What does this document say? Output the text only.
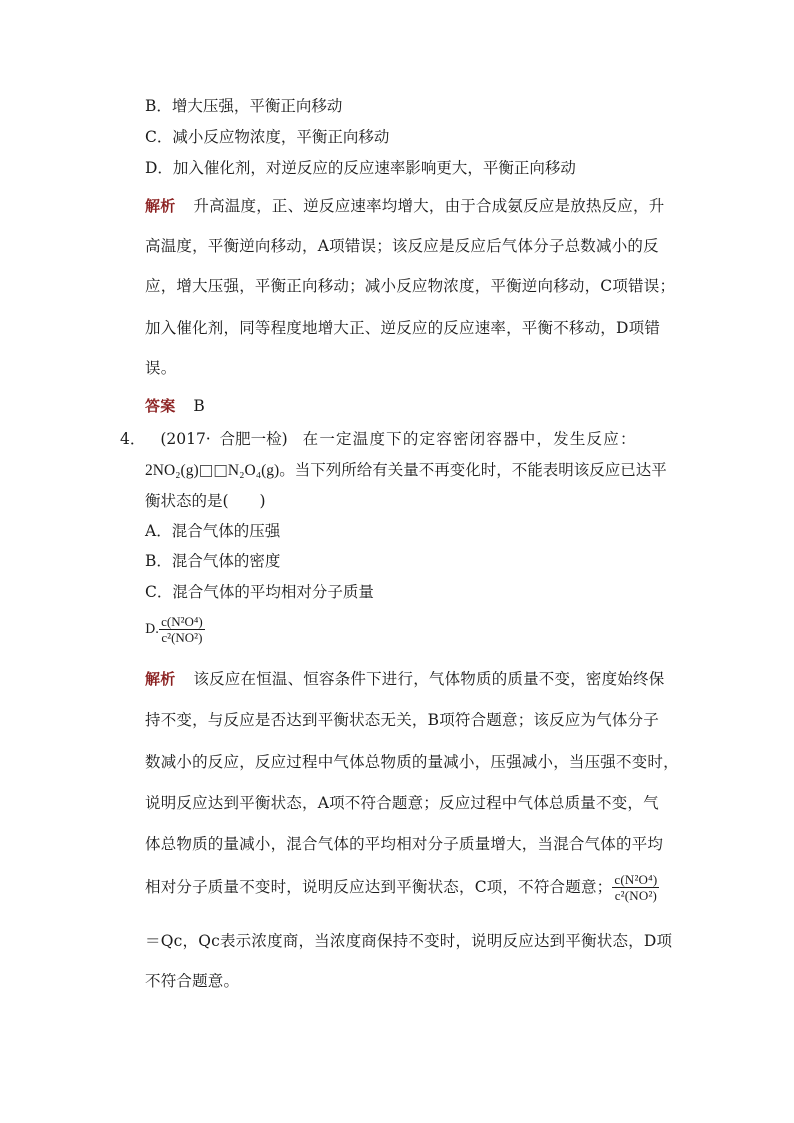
B．增大压强，平衡正向移动
C．减小反应物浓度，平衡正向移动
D．加入催化剂，对逆反应的反应速率影响更大，平衡正向移动
解析 升高温度，正、逆反应速率均增大，由于合成氨反应是放热反应，升
高温度，平衡逆向移动，A项错误；该反应是反应后气体分子总数减小的反
应，增大压强，平衡正向移动；减小反应物浓度，平衡逆向移动，C项错误；
加入催化剂，同等程度地增大正、逆反应的反应速率，平衡不移动，D项错
误。
答案 B
4． (2017· 合肥一检) 在一定温度下的定容密闭容器中，发生反应：
2NO₂(g)□□N₂O₄(g)。当下列所给有关量不再变化时，不能表明该反应已达平
衡状态的是(　　)
A．混合气体的压强
B．混合气体的密度
C．混合气体的平均相对分子质量
D. $\frac{\text{c(N²O⁴)}}{\text{c²(NO²)}}$
解析 该反应在恒温、恒容条件下进行，气体物质的质量不变，密度始终保
持不变，与反应是否达到平衡状态无关，B项符合题意；该反应为气体分子
数减小的反应，反应过程中气体总物质的量减小，压强减小，当压强不变时，
说明反应达到平衡状态，A项不符合题意；反应过程中气体总质量不变，气
体总物质的量减小，混合气体的平均相对分子质量增大，当混合气体的平均
相对分子质量不变时，说明反应达到平衡状态，C项，不符合题意； $\frac{\text{c(N²O⁴)}}{\text{c²(NO²)}}$
＝Qc，Qc表示浓度商，当浓度商保持不变时，说明反应达到平衡状态，D项
不符合题意。
